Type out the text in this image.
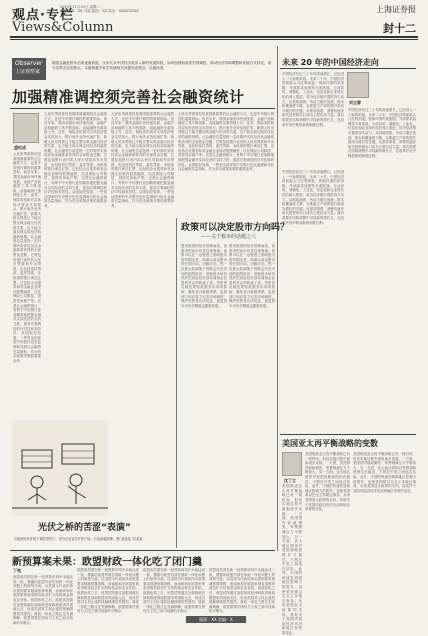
观点·专栏
Views&Column
2010年11月30日 星期二
责任编辑：XX 马骁 版面：XX 电话：XXXXXXXX	上海证券报
封十二
Observer
上证观察家
随着金融危机冲击的逐渐消退，未来几年中国经济将步入新的发展阶段，如何加强和改善宏观调控，推动经济结构调整和发展方式转变，成为各界关注的焦点。本版特邀专家学者就相关问题发表观点，以飨读者。
加强精准调控须完善社会融资统计
盛松成
人民币贷款曾经是我国最重要的社会融资方式，也是中央银行调控的重要指标。但近年来，我国金融市场快速发展，金融产品和融资工具不断创新，直接融资比重持续上升，证券、保险类机构对实体经济资金支持加大，银行表外业务迅速扩张，新增人民币贷款已不能完整反映金融与经济的关系，也不能全面反映实体经济的融资规模。社会融资总量是指一定时期内实体经济从金融体系获得的全部资金总额，它既包括银行表内的人民币贷款和外币贷款，也包括信托贷款、委托贷款、未贴现的银行承兑汇票，还包括企业债券和非金融企业境内股票融资，以及保险公司赔偿、投资性房地产等。完善社会融资统计，有利于中央银行更加精准地把握金融对实体经济的支持力度，提高宏观调控的针对性和有效性。从国际经验看，一些发达国家的中央银行也在监测和分析社会融资总量指标，作为货币政策决策的重要参考。
人民币贷款曾经是我国最重要的社会融资方式，也是中央银行调控的重要指标。但近年来，我国金融市场快速发展，金融产品和融资工具不断创新，直接融资比重持续上升，证券、保险类机构对实体经济资金支持加大，银行表外业务迅速扩张，新增人民币贷款已不能完整反映金融与经济的关系，也不能全面反映实体经济的融资规模。社会融资总量是指一定时期内实体经济从金融体系获得的全部资金总额，它既包括银行表内的人民币贷款和外币贷款，也包括信托贷款、委托贷款、未贴现的银行承兑汇票，还包括企业债券和非金融企业境内股票融资，以及保险公司赔偿、投资性房地产等。完善社会融资统计，有利于中央银行更加精准地把握金融对实体经济的支持力度，提高宏观调控的针对性和有效性。从国际经验看，一些发达国家的中央银行也在监测和分析社会融资总量指标，作为货币政策决策的重要参考。
人民币贷款曾经是我国最重要的社会融资方式，也是中央银行调控的重要指标。但近年来，我国金融市场快速发展，金融产品和融资工具不断创新，直接融资比重持续上升，证券、保险类机构对实体经济资金支持加大，银行表外业务迅速扩张，新增人民币贷款已不能完整反映金融与经济的关系，也不能全面反映实体经济的融资规模。社会融资总量是指一定时期内实体经济从金融体系获得的全部资金总额，它既包括银行表内的人民币贷款和外币贷款，也包括信托贷款、委托贷款、未贴现的银行承兑汇票，还包括企业债券和非金融企业境内股票融资，以及保险公司赔偿、投资性房地产等。完善社会融资统计，有利于中央银行更加精准地把握金融对实体经济的支持力度，提高宏观调控的针对性和有效性。从国际经验看，一些发达国家的中央银行也在监测和分析社会融资总量指标，作为货币政策决策的重要参考。
人民币贷款曾经是我国最重要的社会融资方式，也是中央银行调控的重要指标。但近年来，我国金融市场快速发展，金融产品和融资工具不断创新，直接融资比重持续上升，证券、保险类机构对实体经济资金支持加大，银行表外业务迅速扩张，新增人民币贷款已不能完整反映金融与经济的关系，也不能全面反映实体经济的融资规模。社会融资总量是指一定时期内实体经济从金融体系获得的全部资金总额，它既包括银行表内的人民币贷款和外币贷款，也包括信托贷款、委托贷款、未贴现的银行承兑汇票，还包括企业债券和非金融企业境内股票融资，以及保险公司赔偿、投资性房地产等。完善社会融资统计，有利于中央银行更加精准地把握金融对实体经济的支持力度，提高宏观调控的针对性和有效性。从国际经验看，一些发达国家的中央银行也在监测和分析社会融资总量指标，作为货币政策决策的重要参考。
光伏之桥的苦涩“表演”
在欧洲光伏补贴下调的背景下，部分企业盲目扩张产能，行业面临洗牌。图/ 某某某 文/某某
政策可以决定股市方向吗？
——关于救市的话题之六
股市是国民经济的晴雨表，但股市的运行有其自身规律。政策可以在一定程度上影响股市的短期走势，却难以改变股市的长期方向。回顾历史，每一次重大的政策干预都会引发市场的剧烈波动，但最终市场仍然回归到由经济基本面和企业盈利决定的轨道上来。投资者应理性看待政策对市场的影响，避免盲目追涨杀跌。监管部门则应着力完善市场制度，保护投资者合法权益，促进资本市场长期稳定健康发展。
股市是国民经济的晴雨表，但股市的运行有其自身规律。政策可以在一定程度上影响股市的短期走势，却难以改变股市的长期方向。回顾历史，每一次重大的政策干预都会引发市场的剧烈波动，但最终市场仍然回归到由经济基本面和企业盈利决定的轨道上来。投资者应理性看待政策对市场的影响，避免盲目追涨杀跌。监管部门则应着力完善市场制度，保护投资者合法权益，促进资本市场长期稳定健康发展。
未来 20 年的中国经济走向
刘元春
中国经济经过三十年的高速增长，已经进入一个新的阶段。未来二十年，中国经济将面临人口红利消退、资源环境约束加剧、外部需求放缓等多重挑战。与此同时，城镇化、工业化、信息化和农业现代化的深入推进，将为经济增长提供持久动力。从供给面看，劳动力增长放缓，资本积累速度下降，全要素生产率的提升将成为增长的关键。从需求面看，消费将逐步取代投资和出口成为主要拉动力量。我们需要在结构调整中寻找新的增长点，在改革开放中释放新的制度红利。
中国经济经过三十年的高速增长，已经进入一个新的阶段。未来二十年，中国经济将面临人口红利消退、资源环境约束加剧、外部需求放缓等多重挑战。与此同时，城镇化、工业化、信息化和农业现代化的深入推进，将为经济增长提供持久动力。从供给面看，劳动力增长放缓，资本积累速度下降，全要素生产率的提升将成为增长的关键。从需求面看，消费将逐步取代投资和出口成为主要拉动力量。我们需要在结构调整中寻找新的增长点，在改革开放中释放新的制度红利。
中国经济经过三十年的高速增长，已经进入一个新的阶段。未来二十年，中国经济将面临人口红利消退、资源环境约束加剧、外部需求放缓等多重挑战。与此同时，城镇化、工业化、信息化和农业现代化的深入推进，将为经济增长提供持久动力。从供给面看，劳动力增长放缓，资本积累速度下降，全要素生产率的提升将成为增长的关键。从需求面看，消费将逐步取代投资和出口成为主要拉动力量。我们需要在结构调整中寻找新的增长点，在改革开放中释放新的制度红利。
美国亚太再平衡战略的变数
沈丁立
美国推进亚太再平衡战略已有一段时间，但其实施过程中面临诸多变数。一方面，美国国内财政紧张，军费削减压力不断加大；另一方面，亚太地区国家对美国战略意图存在疑虑，不愿在中美之间选边站队。此外，中国的快速发展和地区影响力的提升，也使美国难以完全主导地区事务。未来美国亚太政策的走向，将取决于其国内政治经济状况和地区形势的变化。
美国推进亚太再平衡战略已有一段时间，但其实施过程中面临诸多变数。一方面，美国国内财政紧张，军费削减压力不断加大；另一方面，亚太地区国家对美国战略意图存在疑虑，不愿在中美之间选边站队。此外，中国的快速发展和地区影响力的提升，也使美国难以完全主导地区事务。未来美国亚太政策的走向，将取决于其国内政治经济状况和地区形势的变化。
美国推进亚太再平衡战略已有一段时间，但其实施过程中面临诸多变数。一方面，美国国内财政紧张，军费削减压力不断加大；另一方面，亚太地区国家对美国战略意图存在疑虑，不愿在中美之间选边站队。此外，中国的快速发展和地区影响力的提升，也使美国难以完全主导地区事务。未来美国亚太政策的走向，将取决于其国内政治经济状况和地区形势的变化。
新预算案未果：欧盟财政一体化吃了闭门羹
丁纯
欧盟成员国在新一轮预算谈判中未能达成一致，暴露出欧盟内部在财政一体化问题上的深刻分歧。以英国为代表的净出资国要求削减预算规模，而南欧和东欧国家则希望维持甚至扩大结构基金和农业补贴。欧债危机之后，欧盟试图通过加强财政纪律和推进财政联盟来巩固欧元区，但成员国对主权让渡的抵触情绪依然强烈。财政一体化之路注定充满荆棘，欧盟需要在团结与主权之间寻找新的平衡点。
欧盟成员国在新一轮预算谈判中未能达成一致，暴露出欧盟内部在财政一体化问题上的深刻分歧。以英国为代表的净出资国要求削减预算规模，而南欧和东欧国家则希望维持甚至扩大结构基金和农业补贴。欧债危机之后，欧盟试图通过加强财政纪律和推进财政联盟来巩固欧元区，但成员国对主权让渡的抵触情绪依然强烈。财政一体化之路注定充满荆棘，欧盟需要在团结与主权之间寻找新的平衡点。
欧盟成员国在新一轮预算谈判中未能达成一致，暴露出欧盟内部在财政一体化问题上的深刻分歧。以英国为代表的净出资国要求削减预算规模，而南欧和东欧国家则希望维持甚至扩大结构基金和农业补贴。欧债危机之后，欧盟试图通过加强财政纪律和推进财政联盟来巩固欧元区，但成员国对主权让渡的抵触情绪依然强烈。财政一体化之路注定充满荆棘，欧盟需要在团结与主权之间寻找新的平衡点。
欧盟成员国在新一轮预算谈判中未能达成一致，暴露出欧盟内部在财政一体化问题上的深刻分歧。以英国为代表的净出资国要求削减预算规模，而南欧和东欧国家则希望维持甚至扩大结构基金和农业补贴。欧债危机之后，欧盟试图通过加强财政纪律和推进财政联盟来巩固欧元区，但成员国对主权让渡的抵触情绪依然强烈。财政一体化之路注定充满荆棘，欧盟需要在团结与主权之间寻找新的平衡点。
版面：XX 美编：X
